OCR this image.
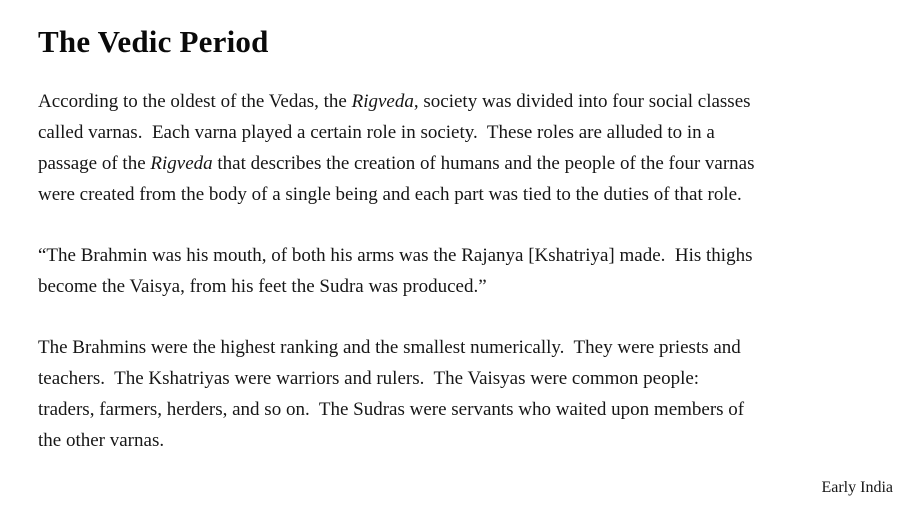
The Vedic Period
According to the oldest of the Vedas, the Rigveda, society was divided into four social classes
called varnas.  Each varna played a certain role in society.  These roles are alluded to in a
passage of the Rigveda that describes the creation of humans and the people of the four varnas
were created from the body of a single being and each part was tied to the duties of that role.
“The Brahmin was his mouth, of both his arms was the Rajanya [Kshatriya] made.  His thighs
become the Vaisya, from his feet the Sudra was produced.”
The Brahmins were the highest ranking and the smallest numerically.  They were priests and
teachers.  The Kshatriyas were warriors and rulers.  The Vaisyas were common people:
traders, farmers, herders, and so on.  The Sudras were servants who waited upon members of
the other varnas.
Early India
